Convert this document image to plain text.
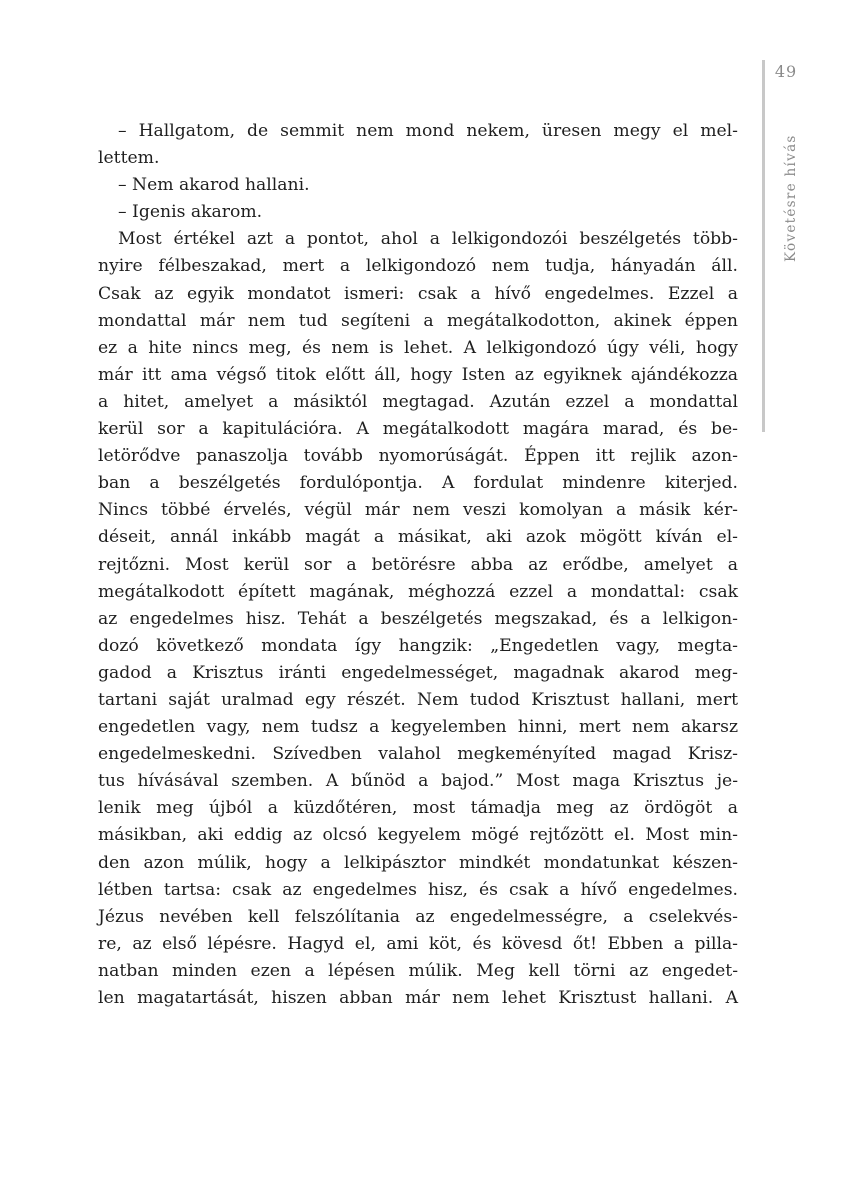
49
Követésre hívás
– Hallgatom, de semmit nem mond nekem, üresen megy el mel-
lettem.
– Nem akarod hallani.
– Igenis akarom.
Most értékel azt a pontot, ahol a lelkigondozói beszélgetés több-
nyire félbeszakad, mert a lelkigondozó nem tudja, hányadán áll.
Csak az egyik mondatot ismeri: csak a hívő engedelmes. Ezzel a
mondattal már nem tud segíteni a megátalkodotton, akinek éppen
ez a hite nincs meg, és nem is lehet. A lelkigondozó úgy véli, hogy
már itt ama végső titok előtt áll, hogy Isten az egyiknek ajándékozza
a hitet, amelyet a másiktól megtagad. Azután ezzel a mondattal
kerül sor a kapitulációra. A megátalkodott magára marad, és be-
letörődve panaszolja tovább nyomorúságát. Éppen itt rejlik azon-
ban a beszélgetés fordulópontja. A fordulat mindenre kiterjed.
Nincs többé érvelés, végül már nem veszi komolyan a másik kér-
déseit, annál inkább magát a másikat, aki azok mögött kíván el-
rejtőzni. Most kerül sor a betörésre abba az erődbe, amelyet a
megátalkodott épített magának, méghozzá ezzel a mondattal: csak
az engedelmes hisz. Tehát a beszélgetés megszakad, és a lelkigon-
dozó következő mondata így hangzik: „Engedetlen vagy, megta-
gadod a Krisztus iránti engedelmességet, magadnak akarod meg-
tartani saját uralmad egy részét. Nem tudod Krisztust hallani, mert
engedetlen vagy, nem tudsz a kegyelemben hinni, mert nem akarsz
engedelmeskedni. Szívedben valahol megkeményíted magad Krisz-
tus hívásával szemben. A bűnöd a bajod.” Most maga Krisztus je-
lenik meg újból a küzdőtéren, most támadja meg az ördögöt a
másikban, aki eddig az olcsó kegyelem mögé rejtőzött el. Most min-
den azon múlik, hogy a lelkipásztor mindkét mondatunkat készen-
létben tartsa: csak az engedelmes hisz, és csak a hívő engedelmes.
Jézus nevében kell felszólítania az engedelmességre, a cselekvés-
re, az első lépésre. Hagyd el, ami köt, és kövesd őt! Ebben a pilla-
natban minden ezen a lépésen múlik. Meg kell törni az engedet-
len magatartását, hiszen abban már nem lehet Krisztust hallani. A
